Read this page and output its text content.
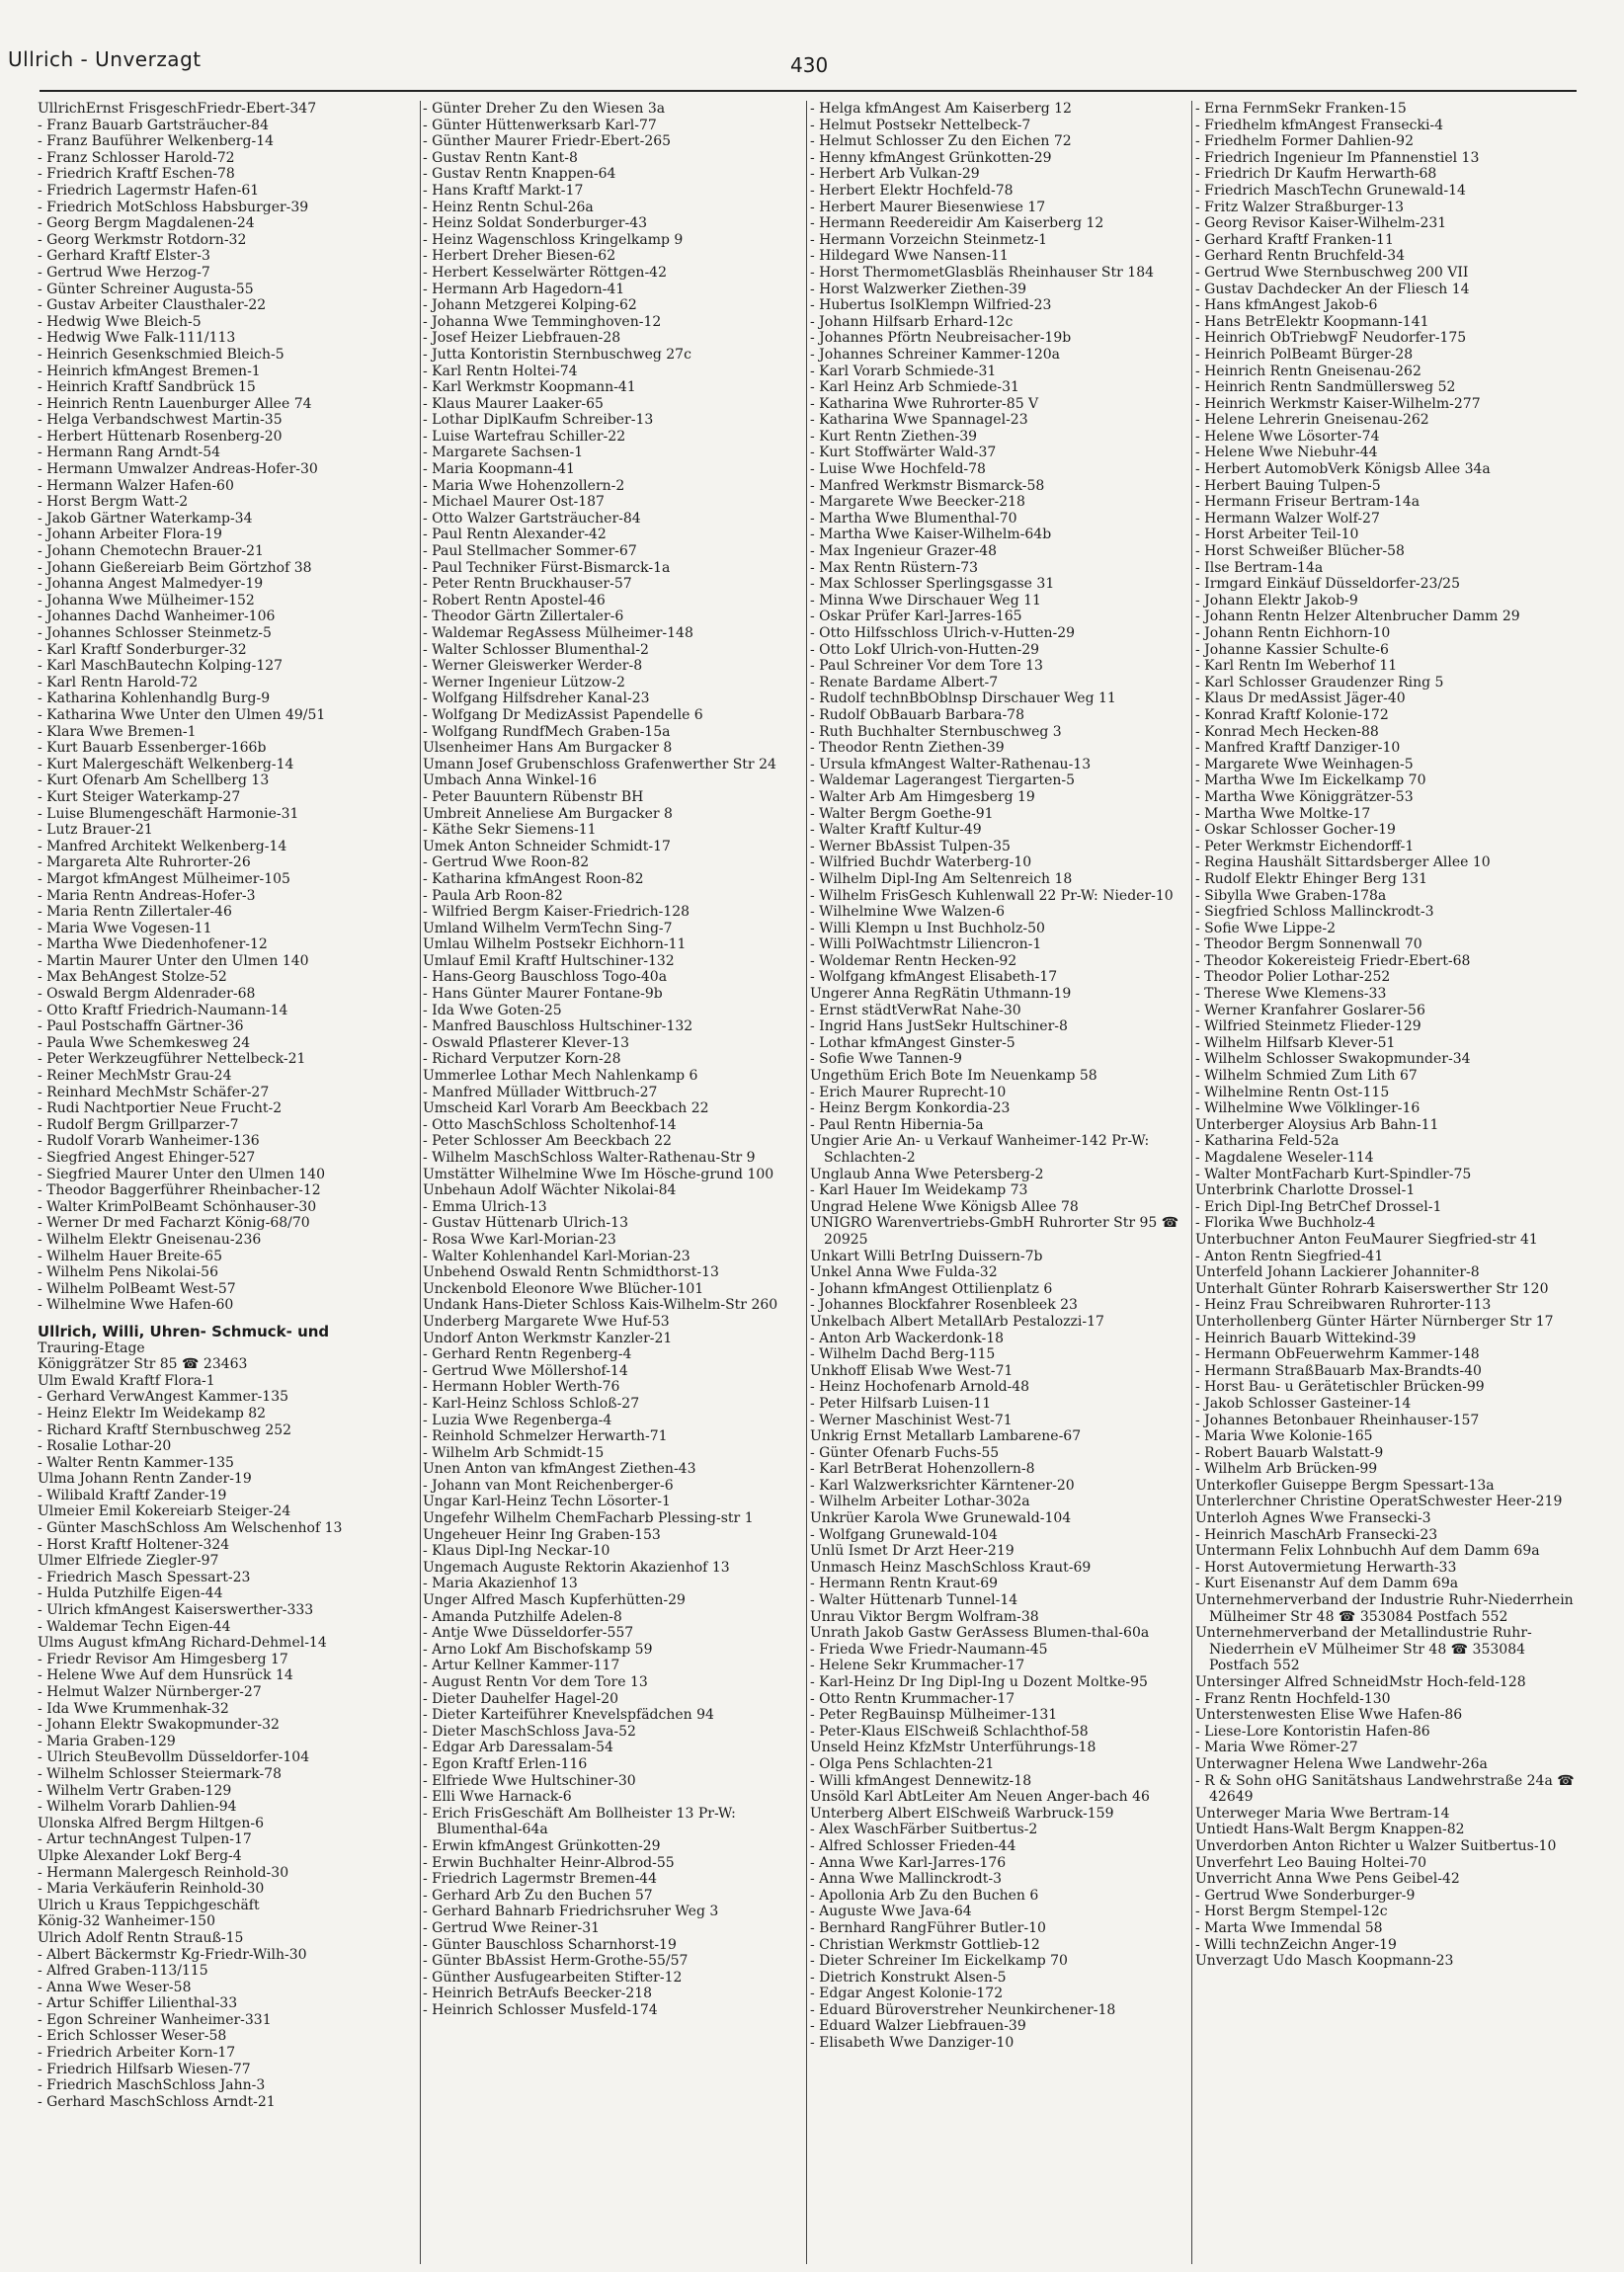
Ullrich - Unverzagt	430
UllrichErnst FrisgeschFriedr-Ebert-347
- Franz Bauarb Gartsträucher-84
- Franz Bauführer Welkenberg-14
- Franz Schlosser Harold-72
- Friedrich Kraftf Eschen-78
- Friedrich Lagermstr Hafen-61
- Friedrich MotSchloss Habsburger-39
- Georg Bergm Magdalenen-24
- Georg Werkmstr Rotdorn-32
- Gerhard Kraftf Elster-3
- Gertrud Wwe Herzog-7
- Günter Schreiner Augusta-55
- Gustav Arbeiter Clausthaler-22
- Hedwig Wwe Bleich-5
- Hedwig Wwe Falk-111/113
- Heinrich Gesenkschmied Bleich-5
- Heinrich kfmAngest Bremen-1
- Heinrich Kraftf Sandbrück 15
- Heinrich Rentn Lauenburger Allee 74
- Helga Verbandschwest Martin-35
- Herbert Hüttenarb Rosenberg-20
- Hermann Rang Arndt-54
- Hermann Umwalzer Andreas-Hofer-30
- Hermann Walzer Hafen-60
- Horst Bergm Watt-2
- Jakob Gärtner Waterkamp-34
- Johann Arbeiter Flora-19
- Johann Chemotechn Brauer-21
- Johann Gießereiarb Beim Görtzhof 38
- Johanna Angest Malmedyer-19
- Johanna Wwe Mülheimer-152
- Johannes Dachd Wanheimer-106
- Johannes Schlosser Steinmetz-5
- Karl Kraftf Sonderburger-32
- Karl MaschBautechn Kolping-127
- Karl Rentn Harold-72
- Katharina Kohlenhandlg Burg-9
- Katharina Wwe Unter den Ulmen 49/51
- Klara Wwe Bremen-1
- Kurt Bauarb Essenberger-166b
- Kurt Malergeschäft Welkenberg-14
- Kurt Ofenarb Am Schellberg 13
- Kurt Steiger Waterkamp-27
- Luise Blumengeschäft Harmonie-31
- Lutz Brauer-21
- Manfred Architekt Welkenberg-14
- Margareta Alte Ruhrorter-26
- Margot kfmAngest Mülheimer-105
- Maria Rentn Andreas-Hofer-3
- Maria Rentn Zillertaler-46
- Maria Wwe Vogesen-11
- Martha Wwe Diedenhofener-12
- Martin Maurer Unter den Ulmen 140
- Max BehAngest Stolze-52
- Oswald Bergm Aldenrader-68
- Otto Kraftf Friedrich-Naumann-14
- Paul Postschaffn Gärtner-36
- Paula Wwe Schemkesweg 24
- Peter Werkzeugführer Nettelbeck-21
- Reiner MechMstr Grau-24
- Reinhard MechMstr Schäfer-27
- Rudi Nachtportier Neue Frucht-2
- Rudolf Bergm Grillparzer-7
- Rudolf Vorarb Wanheimer-136
- Siegfried Angest Ehinger-527
- Siegfried Maurer Unter den Ulmen 140
- Theodor Baggerführer Rheinbacher-12
- Walter KrimPolBeamt Schönhauser-30
- Werner Dr med Facharzt König-68/70
- Wilhelm Elektr Gneisenau-236
- Wilhelm Hauer Breite-65
- Wilhelm Pens Nikolai-56
- Wilhelm PolBeamt West-57
- Wilhelmine Wwe Hafen-60
Ullrich, Willi, Uhren- Schmuck- und
Trauring-Etage
Königgrätzer Str 85 ☎ 23463
Ulm Ewald Kraftf Flora-1
- Gerhard VerwAngest Kammer-135
- Heinz Elektr Im Weidekamp 82
- Richard Kraftf Sternbuschweg 252
- Rosalie Lothar-20
- Walter Rentn Kammer-135
Ulma Johann Rentn Zander-19
- Wilibald Kraftf Zander-19
Ulmeier Emil Kokereiarb Steiger-24
- Günter MaschSchloss Am Welschenhof 13
- Horst Kraftf Holtener-324
Ulmer Elfriede Ziegler-97
- Friedrich Masch Spessart-23
- Hulda Putzhilfe Eigen-44
- Ulrich kfmAngest Kaiserswerther-333
- Waldemar Techn Eigen-44
Ulms August kfmAng Richard-Dehmel-14
- Friedr Revisor Am Himgesberg 17
- Helene Wwe Auf dem Hunsrück 14
- Helmut Walzer Nürnberger-27
- Ida Wwe Krummenhak-32
- Johann Elektr Swakopmunder-32
- Maria Graben-129
- Ulrich SteuBevollm Düsseldorfer-104
- Wilhelm Schlosser Steiermark-78
- Wilhelm Vertr Graben-129
- Wilhelm Vorarb Dahlien-94
Ulonska Alfred Bergm Hiltgen-6
- Artur technAngest Tulpen-17
Ulpke Alexander Lokf Berg-4
- Hermann Malergesch Reinhold-30
- Maria Verkäuferin Reinhold-30
Ulrich u Kraus Teppichgeschäft
König-32 Wanheimer-150
Ulrich Adolf Rentn Strauß-15
- Albert Bäckermstr Kg-Friedr-Wilh-30
- Alfred Graben-113/115
- Anna Wwe Weser-58
- Artur Schiffer Lilienthal-33
- Egon Schreiner Wanheimer-331
- Erich Schlosser Weser-58
- Friedrich Arbeiter Korn-17
- Friedrich Hilfsarb Wiesen-77
- Friedrich MaschSchloss Jahn-3
- Gerhard MaschSchloss Arndt-21
- Günter Dreher Zu den Wiesen 3a
- Günter Hüttenwerksarb Karl-77
- Günther Maurer Friedr-Ebert-265
- Gustav Rentn Kant-8
- Gustav Rentn Knappen-64
- Hans Kraftf Markt-17
- Heinz Rentn Schul-26a
- Heinz Soldat Sonderburger-43
- Heinz Wagenschloss Kringelkamp 9
- Herbert Dreher Biesen-62
- Herbert Kesselwärter Röttgen-42
- Hermann Arb Hagedorn-41
- Johann Metzgerei Kolping-62
- Johanna Wwe Temminghoven-12
- Josef Heizer Liebfrauen-28
- Jutta Kontoristin Sternbuschweg 27c
- Karl Rentn Holtei-74
- Karl Werkmstr Koopmann-41
- Klaus Maurer Laaker-65
- Lothar DiplKaufm Schreiber-13
- Luise Wartefrau Schiller-22
- Margarete Sachsen-1
- Maria Koopmann-41
- Maria Wwe Hohenzollern-2
- Michael Maurer Ost-187
- Otto Walzer Gartsträucher-84
- Paul Rentn Alexander-42
- Paul Stellmacher Sommer-67
- Paul Techniker Fürst-Bismarck-1a
- Peter Rentn Bruckhauser-57
- Robert Rentn Apostel-46
- Theodor Gärtn Zillertaler-6
- Waldemar RegAssess Mülheimer-148
- Walter Schlosser Blumenthal-2
- Werner Gleiswerker Werder-8
- Werner Ingenieur Lützow-2
- Wolfgang Hilfsdreher Kanal-23
- Wolfgang Dr MedizAssist Papendelle 6
- Wolfgang RundfMech Graben-15a
Ulsenheimer Hans Am Burgacker 8
Umann Josef Grubenschloss Grafenwerther Str 24
Umbach Anna Winkel-16
- Peter Bauuntern Rübenstr BH
Umbreit Anneliese Am Burgacker 8
- Käthe Sekr Siemens-11
Umek Anton Schneider Schmidt-17
- Gertrud Wwe Roon-82
- Katharina kfmAngest Roon-82
- Paula Arb Roon-82
- Wilfried Bergm Kaiser-Friedrich-128
Umland Wilhelm VermTechn Sing-7
Umlau Wilhelm Postsekr Eichhorn-11
Umlauf Emil Kraftf Hultschiner-132
- Hans-Georg Bauschloss Togo-40a
- Hans Günter Maurer Fontane-9b
- Ida Wwe Goten-25
- Manfred Bauschloss Hultschiner-132
- Oswald Pflasterer Klever-13
- Richard Verputzer Korn-28
Ummerlee Lothar Mech Nahlenkamp 6
- Manfred Müllader Wittbruch-27
Umscheid Karl Vorarb Am Beeckbach 22
- Otto MaschSchloss Scholtenhof-14
- Peter Schlosser Am Beeckbach 22
- Wilhelm MaschSchloss Walter-Rathenau-Str 9
Umstätter Wilhelmine Wwe Im Hösche-grund 100
Unbehaun Adolf Wächter Nikolai-84
- Emma Ulrich-13
- Gustav Hüttenarb Ulrich-13
- Rosa Wwe Karl-Morian-23
- Walter Kohlenhandel Karl-Morian-23
Unbehend Oswald Rentn Schmidthorst-13
Unckenbold Eleonore Wwe Blücher-101
Undank Hans-Dieter Schloss Kais-Wilhelm-Str 260
Underberg Margarete Wwe Huf-53
Undorf Anton Werkmstr Kanzler-21
- Gerhard Rentn Regenberg-4
- Gertrud Wwe Möllershof-14
- Hermann Hobler Werth-76
- Karl-Heinz Schloss Schloß-27
- Luzia Wwe Regenberga-4
- Reinhold Schmelzer Herwarth-71
- Wilhelm Arb Schmidt-15
Unen Anton van kfmAngest Ziethen-43
- Johann van Mont Reichenberger-6
Ungar Karl-Heinz Techn Lösorter-1
Ungefehr Wilhelm ChemFacharb Plessing-str 1
Ungeheuer Heinr Ing Graben-153
- Klaus Dipl-Ing Neckar-10
Ungemach Auguste Rektorin Akazienhof 13
- Maria Akazienhof 13
Unger Alfred Masch Kupferhütten-29
- Amanda Putzhilfe Adelen-8
- Antje Wwe Düsseldorfer-557
- Arno Lokf Am Bischofskamp 59
- Artur Kellner Kammer-117
- August Rentn Vor dem Tore 13
- Dieter Dauhelfer Hagel-20
- Dieter Karteiführer Knevelspfädchen 94
- Dieter MaschSchloss Java-52
- Edgar Arb Daressalam-54
- Egon Kraftf Erlen-116
- Elfriede Wwe Hultschiner-30
- Elli Wwe Harnack-6
- Erich FrisGeschäft Am Bollheister 13 Pr-W: Blumenthal-64a
- Erwin kfmAngest Grünkotten-29
- Erwin Buchhalter Heinr-Albrod-55
- Friedrich Lagermstr Bremen-44
- Gerhard Arb Zu den Buchen 57
- Gerhard Bahnarb Friedrichsruher Weg 3
- Gertrud Wwe Reiner-31
- Günter Bauschloss Scharnhorst-19
- Günter BbAssist Herm-Grothe-55/57
- Günther Ausfugearbeiten Stifter-12
- Heinrich BetrAufs Beecker-218
- Heinrich Schlosser Musfeld-174
- Helga kfmAngest Am Kaiserberg 12
- Helmut Postsekr Nettelbeck-7
- Helmut Schlosser Zu den Eichen 72
- Henny kfmAngest Grünkotten-29
- Herbert Arb Vulkan-29
- Herbert Elektr Hochfeld-78
- Herbert Maurer Biesenwiese 17
- Hermann Reedereidir Am Kaiserberg 12
- Hermann Vorzeichn Steinmetz-1
- Hildegard Wwe Nansen-11
- Horst ThermometGlasbläs Rheinhauser Str 184
- Horst Walzwerker Ziethen-39
- Hubertus IsolKlempn Wilfried-23
- Johann Hilfsarb Erhard-12c
- Johannes Pförtn Neubreisacher-19b
- Johannes Schreiner Kammer-120a
- Karl Vorarb Schmiede-31
- Karl Heinz Arb Schmiede-31
- Katharina Wwe Ruhrorter-85 V
- Katharina Wwe Spannagel-23
- Kurt Rentn Ziethen-39
- Kurt Stoffwärter Wald-37
- Luise Wwe Hochfeld-78
- Manfred Werkmstr Bismarck-58
- Margarete Wwe Beecker-218
- Martha Wwe Blumenthal-70
- Martha Wwe Kaiser-Wilhelm-64b
- Max Ingenieur Grazer-48
- Max Rentn Rüstern-73
- Max Schlosser Sperlingsgasse 31
- Minna Wwe Dirschauer Weg 11
- Oskar Prüfer Karl-Jarres-165
- Otto Hilfsschloss Ulrich-v-Hutten-29
- Otto Lokf Ulrich-von-Hutten-29
- Paul Schreiner Vor dem Tore 13
- Renate Bardame Albert-7
- Rudolf technBbOblnsp Dirschauer Weg 11
- Rudolf ObBauarb Barbara-78
- Ruth Buchhalter Sternbuschweg 3
- Theodor Rentn Ziethen-39
- Ursula kfmAngest Walter-Rathenau-13
- Waldemar Lagerangest Tiergarten-5
- Walter Arb Am Himgesberg 19
- Walter Bergm Goethe-91
- Walter Kraftf Kultur-49
- Werner BbAssist Tulpen-35
- Wilfried Buchdr Waterberg-10
- Wilhelm Dipl-Ing Am Seltenreich 18
- Wilhelm FrisGesch Kuhlenwall 22 Pr-W: Nieder-10
- Wilhelmine Wwe Walzen-6
- Willi Klempn u Inst Buchholz-50
- Willi PolWachtmstr Liliencron-1
- Woldemar Rentn Hecken-92
- Wolfgang kfmAngest Elisabeth-17
Ungerer Anna RegRätin Uthmann-19
- Ernst städtVerwRat Nahe-30
- Ingrid Hans JustSekr Hultschiner-8
- Lothar kfmAngest Ginster-5
- Sofie Wwe Tannen-9
Ungethüm Erich Bote Im Neuenkamp 58
- Erich Maurer Ruprecht-10
- Heinz Bergm Konkordia-23
- Paul Rentn Hibernia-5a
Ungier Arie An- u Verkauf Wanheimer-142 Pr-W: Schlachten-2
Unglaub Anna Wwe Petersberg-2
- Karl Hauer Im Weidekamp 73
Ungrad Helene Wwe Königsb Allee 78
UNIGRO Warenvertriebs-GmbH Ruhrorter Str 95 ☎ 20925
Unkart Willi BetrIng Duissern-7b
Unkel Anna Wwe Fulda-32
- Johann kfmAngest Ottilienplatz 6
- Johannes Blockfahrer Rosenbleek 23
Unkelbach Albert MetallArb Pestalozzi-17
- Anton Arb Wackerdonk-18
- Wilhelm Dachd Berg-115
Unkhoff Elisab Wwe West-71
- Heinz Hochofenarb Arnold-48
- Peter Hilfsarb Luisen-11
- Werner Maschinist West-71
Unkrig Ernst Metallarb Lambarene-67
- Günter Ofenarb Fuchs-55
- Karl BetrBerat Hohenzollern-8
- Karl Walzwerksrichter Kärntener-20
- Wilhelm Arbeiter Lothar-302a
Unkrüer Karola Wwe Grunewald-104
- Wolfgang Grunewald-104
Unlü Ismet Dr Arzt Heer-219
Unmasch Heinz MaschSchloss Kraut-69
- Hermann Rentn Kraut-69
- Walter Hüttenarb Tunnel-14
Unrau Viktor Bergm Wolfram-38
Unrath Jakob Gastw GerAssess Blumen-thal-60a
- Frieda Wwe Friedr-Naumann-45
- Helene Sekr Krummacher-17
- Karl-Heinz Dr Ing Dipl-Ing u Dozent Moltke-95
- Otto Rentn Krummacher-17
- Peter RegBauinsp Mülheimer-131
- Peter-Klaus ElSchweiß Schlachthof-58
Unseld Heinz KfzMstr Unterführungs-18
- Olga Pens Schlachten-21
- Willi kfmAngest Dennewitz-18
Unsöld Karl AbtLeiter Am Neuen Anger-bach 46
Unterberg Albert ElSchweiß Warbruck-159
- Alex WaschFärber Suitbertus-2
- Alfred Schlosser Frieden-44
- Anna Wwe Karl-Jarres-176
- Anna Wwe Mallinckrodt-3
- Apollonia Arb Zu den Buchen 6
- Auguste Wwe Java-64
- Bernhard RangFührer Butler-10
- Christian Werkmstr Gottlieb-12
- Dieter Schreiner Im Eickelkamp 70
- Dietrich Konstrukt Alsen-5
- Edgar Angest Kolonie-172
- Eduard Büroverstreher Neunkirchener-18
- Eduard Walzer Liebfrauen-39
- Elisabeth Wwe Danziger-10
- Erna FernmSekr Franken-15
- Friedhelm kfmAngest Fransecki-4
- Friedhelm Former Dahlien-92
- Friedrich Ingenieur Im Pfannenstiel 13
- Friedrich Dr Kaufm Herwarth-68
- Friedrich MaschTechn Grunewald-14
- Fritz Walzer Straßburger-13
- Georg Revisor Kaiser-Wilhelm-231
- Gerhard Kraftf Franken-11
- Gerhard Rentn Bruchfeld-34
- Gertrud Wwe Sternbuschweg 200 VII
- Gustav Dachdecker An der Fliesch 14
- Hans kfmAngest Jakob-6
- Hans BetrElektr Koopmann-141
- Heinrich ObTriebwgF Neudorfer-175
- Heinrich PolBeamt Bürger-28
- Heinrich Rentn Gneisenau-262
- Heinrich Rentn Sandmüllersweg 52
- Heinrich Werkmstr Kaiser-Wilhelm-277
- Helene Lehrerin Gneisenau-262
- Helene Wwe Lösorter-74
- Helene Wwe Niebuhr-44
- Herbert AutomobVerk Königsb Allee 34a
- Herbert Bauing Tulpen-5
- Hermann Friseur Bertram-14a
- Hermann Walzer Wolf-27
- Horst Arbeiter Teil-10
- Horst Schweißer Blücher-58
- Ilse Bertram-14a
- Irmgard Einkäuf Düsseldorfer-23/25
- Johann Elektr Jakob-9
- Johann Rentn Helzer Altenbrucher Damm 29
- Johann Rentn Eichhorn-10
- Johanne Kassier Schulte-6
- Karl Rentn Im Weberhof 11
- Karl Schlosser Graudenzer Ring 5
- Klaus Dr medAssist Jäger-40
- Konrad Kraftf Kolonie-172
- Konrad Mech Hecken-88
- Manfred Kraftf Danziger-10
- Margarete Wwe Weinhagen-5
- Martha Wwe Im Eickelkamp 70
- Martha Wwe Königgrätzer-53
- Martha Wwe Moltke-17
- Oskar Schlosser Gocher-19
- Peter Werkmstr Eichendorff-1
- Regina Haushält Sittardsberger Allee 10
- Rudolf Elektr Ehinger Berg 131
- Sibylla Wwe Graben-178a
- Siegfried Schloss Mallinckrodt-3
- Sofie Wwe Lippe-2
- Theodor Bergm Sonnenwall 70
- Theodor Kokereisteig Friedr-Ebert-68
- Theodor Polier Lothar-252
- Therese Wwe Klemens-33
- Werner Kranfahrer Goslarer-56
- Wilfried Steinmetz Flieder-129
- Wilhelm Hilfsarb Klever-51
- Wilhelm Schlosser Swakopmunder-34
- Wilhelm Schmied Zum Lith 67
- Wilhelmine Rentn Ost-115
- Wilhelmine Wwe Völklinger-16
Unterberger Aloysius Arb Bahn-11
- Katharina Feld-52a
- Magdalene Weseler-114
- Walter MontFacharb Kurt-Spindler-75
Unterbrink Charlotte Drossel-1
- Erich Dipl-Ing BetrChef Drossel-1
- Florika Wwe Buchholz-4
Unterbuchner Anton FeuMaurer Siegfried-str 41
- Anton Rentn Siegfried-41
Unterfeld Johann Lackierer Johanniter-8
Unterhalt Günter Rohrarb Kaiserswerther Str 120
- Heinz Frau Schreibwaren Ruhrorter-113
Unterhollenberg Günter Härter Nürnberger Str 17
- Heinrich Bauarb Wittekind-39
- Hermann ObFeuerwehrm Kammer-148
- Hermann StraßBauarb Max-Brandts-40
- Horst Bau- u Gerätetischler Brücken-99
- Jakob Schlosser Gasteiner-14
- Johannes Betonbauer Rheinhauser-157
- Maria Wwe Kolonie-165
- Robert Bauarb Walstatt-9
- Wilhelm Arb Brücken-99
Unterkofler Guiseppe Bergm Spessart-13a
Unterlerchner Christine OperatSchwester Heer-219
Unterloh Agnes Wwe Fransecki-3
- Heinrich MaschArb Fransecki-23
Untermann Felix Lohnbuchh Auf dem Damm 69a
- Horst Autovermietung Herwarth-33
- Kurt Eisenanstr Auf dem Damm 69a
Unternehmerverband der Industrie Ruhr-Niederrhein Mülheimer Str 48 ☎ 353084 Postfach 552
Unternehmerverband der Metallindustrie Ruhr-Niederrhein eV Mülheimer Str 48 ☎ 353084 Postfach 552
Untersinger Alfred SchneidMstr Hoch-feld-128
- Franz Rentn Hochfeld-130
Unterstenwesten Elise Wwe Hafen-86
- Liese-Lore Kontoristin Hafen-86
- Maria Wwe Römer-27
Unterwagner Helena Wwe Landwehr-26a
- R & Sohn oHG Sanitätshaus Landwehrstraße 24a ☎ 42649
Unterweger Maria Wwe Bertram-14
Untiedt Hans-Walt Bergm Knappen-82
Unverdorben Anton Richter u Walzer Suitbertus-10
Unverfehrt Leo Bauing Holtei-70
Unverricht Anna Wwe Pens Geibel-42
- Gertrud Wwe Sonderburger-9
- Horst Bergm Stempel-12c
- Marta Wwe Immendal 58
- Willi technZeichn Anger-19
Unverzagt Udo Masch Koopmann-23
